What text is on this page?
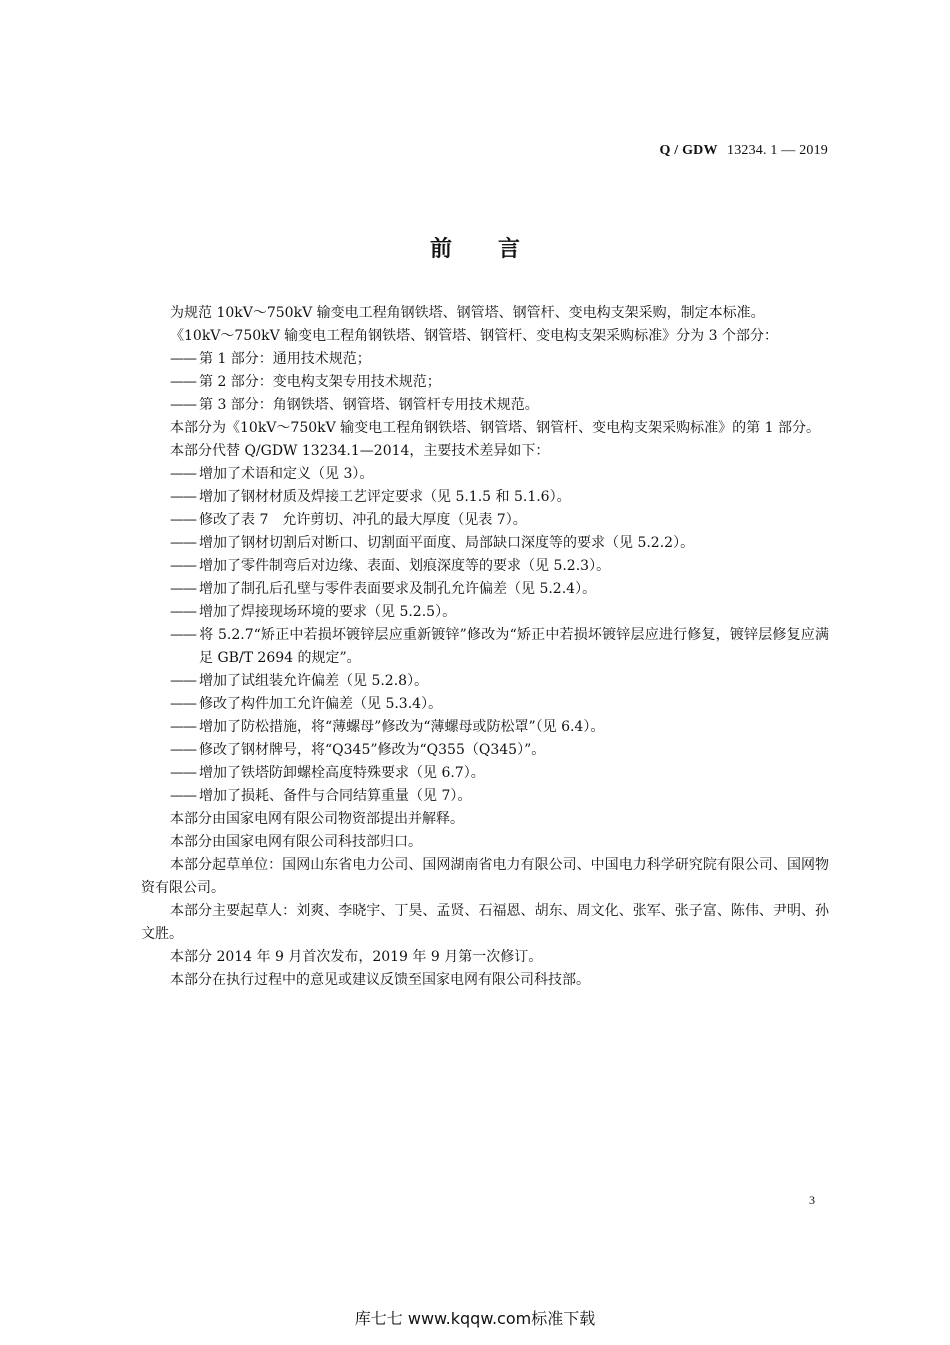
Q / GDW 13234. 1 — 2019
前 言
为规范 10kV～750kV 输变电工程角钢铁塔、钢管塔、钢管杆、变电构支架采购，制定本标准。
《10kV～750kV 输变电工程角钢铁塔、钢管塔、钢管杆、变电构支架采购标准》分为 3 个部分：
—— 第 1 部分：通用技术规范；
—— 第 2 部分：变电构支架专用技术规范；
—— 第 3 部分：角钢铁塔、钢管塔、钢管杆专用技术规范。
本部分为《10kV～750kV 输变电工程角钢铁塔、钢管塔、钢管杆、变电构支架采购标准》的第 1 部分。
本部分代替 Q/GDW 13234.1—2014，主要技术差异如下：
—— 增加了术语和定义（见 3）。
—— 增加了钢材材质及焊接工艺评定要求（见 5.1.5 和 5.1.6）。
—— 修改了表 7　允许剪切、冲孔的最大厚度（见表 7）。
—— 增加了钢材切割后对断口、切割面平面度、局部缺口深度等的要求（见 5.2.2）。
—— 增加了零件制弯后对边缘、表面、划痕深度等的要求（见 5.2.3）。
—— 增加了制孔后孔壁与零件表面要求及制孔允许偏差（见 5.2.4）。
—— 增加了焊接现场环境的要求（见 5.2.5）。
—— 将 5.2.7“矫正中若损坏镀锌层应重新镀锌”修改为“矫正中若损坏镀锌层应进行修复，镀锌层修复应满足 GB/T 2694 的规定”。
—— 增加了试组装允许偏差（见 5.2.8）。
—— 修改了构件加工允许偏差（见 5.3.4）。
—— 增加了防松措施，将“薄螺母”修改为“薄螺母或防松罩”（见 6.4）。
—— 修改了钢材牌号，将“Q345”修改为“Q355（Q345）”。
—— 增加了铁塔防卸螺栓高度特殊要求（见 6.7）。
—— 增加了损耗、备件与合同结算重量（见 7）。
本部分由国家电网有限公司物资部提出并解释。
本部分由国家电网有限公司科技部归口。
本部分起草单位：国网山东省电力公司、国网湖南省电力有限公司、中国电力科学研究院有限公司、国网物资有限公司。
本部分主要起草人：刘爽、李晓宇、丁昊、孟贤、石福恩、胡东、周文化、张军、张子富、陈伟、尹明、孙文胜。
本部分 2014 年 9 月首次发布，2019 年 9 月第一次修订。
本部分在执行过程中的意见或建议反馈至国家电网有限公司科技部。
3
库七七 www.kqqw.com标准下载
